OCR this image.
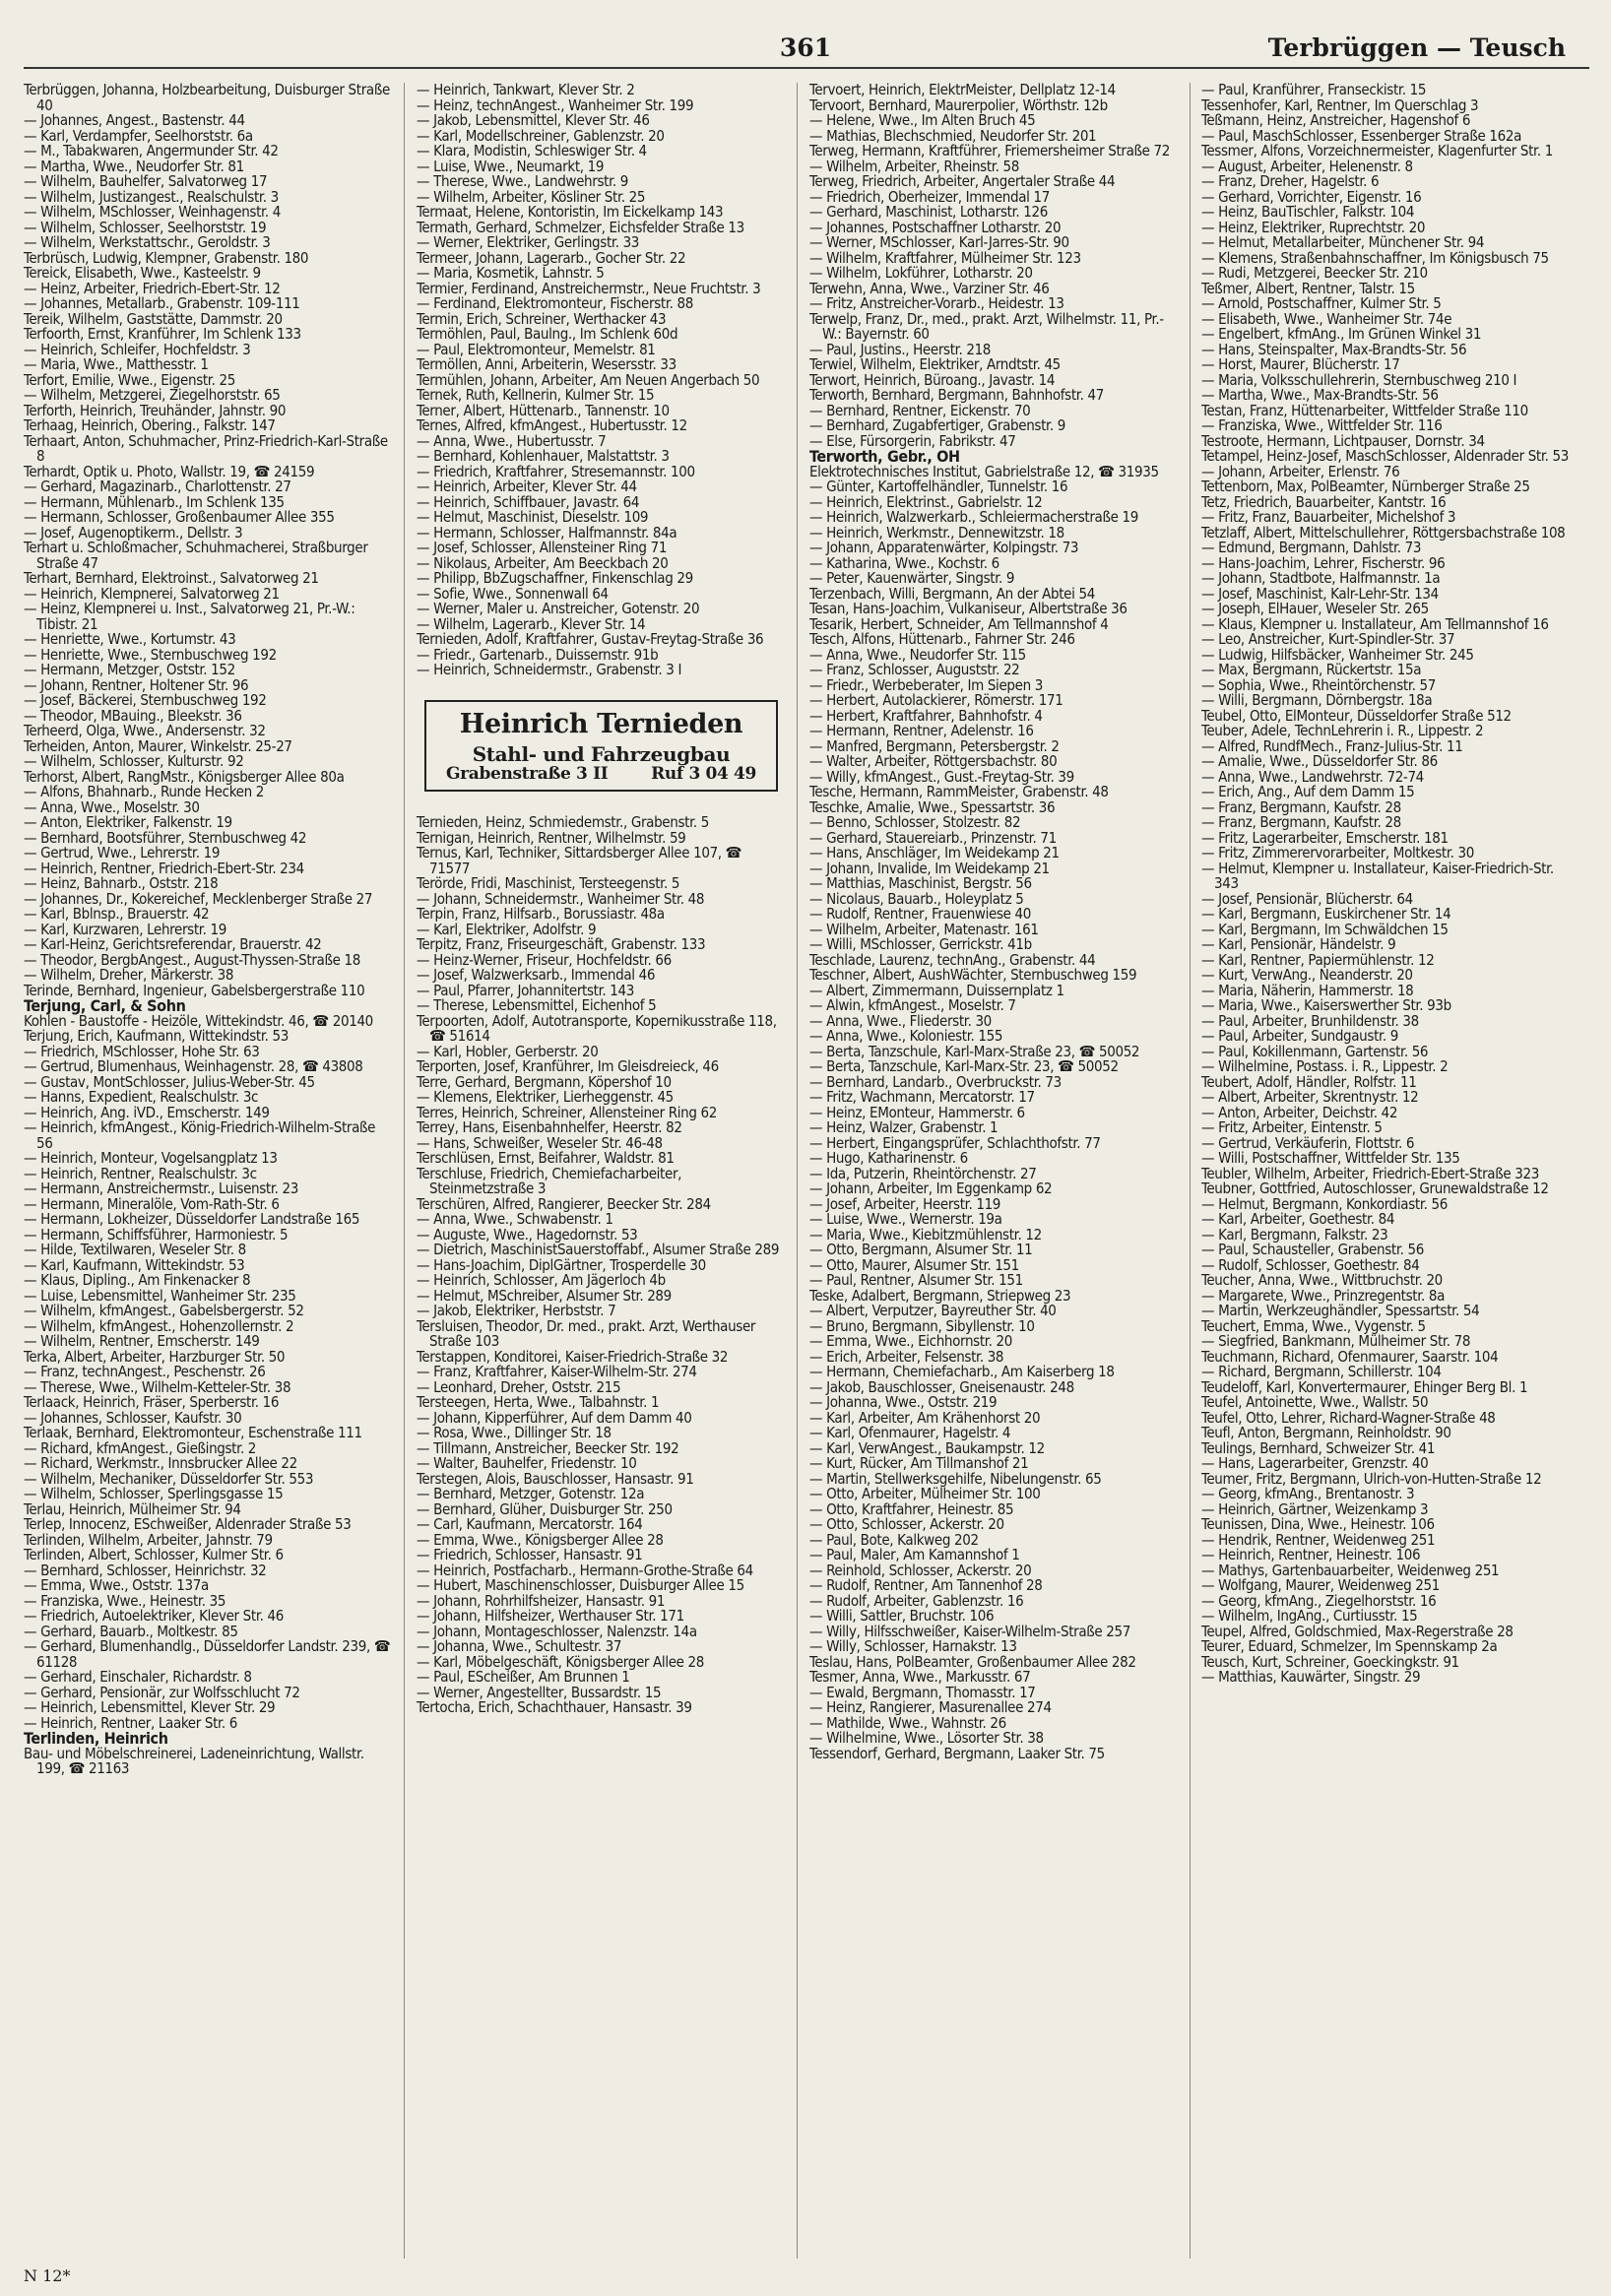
361	Terbrüggen — Teusch
Terbrüggen, Johanna, Holzbearbeitung, Duisburger Straße 40
— Johannes, Angest., Bastenstr. 44
— Karl, Verdampfer, Seelhorststr. 6a
— M., Tabakwaren, Angermunder Str. 42
— Martha, Wwe., Neudorfer Str. 81
— Wilhelm, Bauhelfer, Salvatorweg 17
— Wilhelm, Justizangest., Realschulstr. 3
— Wilhelm, MSchlosser, Weinhagenstr. 4
— Wilhelm, Schlosser, Seelhorststr. 19
— Wilhelm, Werkstattschr., Geroldstr. 3
Terbrüsch, Ludwig, Klempner, Grabenstr. 180
Tereick, Elisabeth, Wwe., Kasteelstr. 9
— Heinz, Arbeiter, Friedrich-Ebert-Str. 12
— Johannes, Metallarb., Grabenstr. 109-111
Tereik, Wilhelm, Gaststätte, Dammstr. 20
Terfoorth, Ernst, Kranführer, Im Schlenk 133
— Heinrich, Schleifer, Hochfeldstr. 3
— Maria, Wwe., Matthesstr. 1
Terfort, Emilie, Wwe., Eigenstr. 25
— Wilhelm, Metzgerei, Ziegelhorststr. 65
Terforth, Heinrich, Treuhänder, Jahnstr. 90
Terhaag, Heinrich, Obering., Falkstr. 147
Terhaart, Anton, Schuhmacher, Prinz-Friedrich-Karl-Straße 8
Terhardt, Optik u. Photo, Wallstr. 19, ☎ 24159
— Gerhard, Magazinarb., Charlottenstr. 27
— Hermann, Mühlenarb., Im Schlenk 135
— Hermann, Schlosser, Großenbaumer Allee 355
— Josef, Augenoptikerm., Dellstr. 3
Terhart u. Schloßmacher, Schuhmacherei, Straßburger Straße 47
Terhart, Bernhard, Elektroinst., Salvatorweg 21
— Heinrich, Klempnerei, Salvatorweg 21
— Heinz, Klempnerei u. Inst., Salvatorweg 21, Pr.-W.: Tibistr. 21
— Henriette, Wwe., Kortumstr. 43
— Henriette, Wwe., Sternbuschweg 192
— Hermann, Metzger, Oststr. 152
— Johann, Rentner, Holtener Str. 96
— Josef, Bäckerei, Sternbuschweg 192
— Theodor, MBauing., Bleekstr. 36
Terheerd, Olga, Wwe., Andersenstr. 32
Terheiden, Anton, Maurer, Winkelstr. 25-27
— Wilhelm, Schlosser, Kulturstr. 92
Terhorst, Albert, RangMstr., Königsberger Allee 80a
— Alfons, Bhahnarb., Runde Hecken 2
— Anna, Wwe., Moselstr. 30
— Anton, Elektriker, Falkenstr. 19
— Bernhard, Bootsführer, Sternbuschweg 42
— Gertrud, Wwe., Lehrerstr. 19
— Heinrich, Rentner, Friedrich-Ebert-Str. 234
— Heinz, Bahnarb., Oststr. 218
— Johannes, Dr., Kokereichef, Mecklenberger Straße 27
— Karl, Bblnsp., Brauerstr. 42
— Karl, Kurzwaren, Lehrerstr. 19
— Karl-Heinz, Gerichtsreferendar, Brauerstr. 42
— Theodor, BergbAngest., August-Thyssen-Straße 18
— Wilhelm, Dreher, Märkerstr. 38
Terinde, Bernhard, Ingenieur, Gabelsbergerstraße 110
Terjung, Carl, & Sohn
Kohlen - Baustoffe - Heizöle, Wittekindstr. 46, ☎ 20140
Terjung, Erich, Kaufmann, Wittekindstr. 53
— Friedrich, MSchlosser, Hohe Str. 63
— Gertrud, Blumenhaus, Weinhagenstr. 28, ☎ 43808
— Gustav, MontSchlosser, Julius-Weber-Str. 45
— Hanns, Expedient, Realschulstr. 3c
— Heinrich, Ang. iVD., Emscherstr. 149
— Heinrich, kfmAngest., König-Friedrich-Wilhelm-Straße 56
— Heinrich, Monteur, Vogelsangplatz 13
— Heinrich, Rentner, Realschulstr. 3c
— Hermann, Anstreichermstr., Luisenstr. 23
— Hermann, Mineralöle, Vom-Rath-Str. 6
— Hermann, Lokheizer, Düsseldorfer Landstraße 165
— Hermann, Schiffsführer, Harmoniestr. 5
— Hilde, Textilwaren, Weseler Str. 8
— Karl, Kaufmann, Wittekindstr. 53
— Klaus, Dipling., Am Finkenacker 8
— Luise, Lebensmittel, Wanheimer Str. 235
— Wilhelm, kfmAngest., Gabelsbergerstr. 52
— Wilhelm, kfmAngest., Hohenzollernstr. 2
— Wilhelm, Rentner, Emscherstr. 149
Terka, Albert, Arbeiter, Harzburger Str. 50
— Franz, technAngest., Peschenstr. 26
— Therese, Wwe., Wilhelm-Ketteler-Str. 38
Terlaack, Heinrich, Fräser, Sperberstr. 16
— Johannes, Schlosser, Kaufstr. 30
Terlaak, Bernhard, Elektromonteur, Eschenstraße 111
— Richard, kfmAngest., Gießingstr. 2
— Richard, Werkmstr., Innsbrucker Allee 22
— Wilhelm, Mechaniker, Düsseldorfer Str. 553
— Wilhelm, Schlosser, Sperlingsgasse 15
Terlau, Heinrich, Mülheimer Str. 94
Terlep, Innocenz, ESchweißer, Aldenrader Straße 53
Terlinden, Wilhelm, Arbeiter, Jahnstr. 79
Terlinden, Albert, Schlosser, Kulmer Str. 6
— Bernhard, Schlosser, Heinrichstr. 32
— Emma, Wwe., Oststr. 137a
— Franziska, Wwe., Heinestr. 35
— Friedrich, Autoelektriker, Klever Str. 46
— Gerhard, Bauarb., Moltkestr. 85
— Gerhard, Blumenhandlg., Düsseldorfer Landstr. 239, ☎ 61128
— Gerhard, Einschaler, Richardstr. 8
— Gerhard, Pensionär, zur Wolfsschlucht 72
— Heinrich, Lebensmittel, Klever Str. 29
— Heinrich, Rentner, Laaker Str. 6
Terlinden, Heinrich
Bau- und Möbelschreinerei, Ladeneinrichtung, Wallstr. 199, ☎ 21163
— Heinrich, Tankwart, Klever Str. 2
— Heinz, technAngest., Wanheimer Str. 199
— Jakob, Lebensmittel, Klever Str. 46
— Karl, Modellschreiner, Gablenzstr. 20
— Klara, Modistin, Schleswiger Str. 4
— Luise, Wwe., Neumarkt, 19
— Therese, Wwe., Landwehrstr. 9
— Wilhelm, Arbeiter, Kösliner Str. 25
Termaat, Helene, Kontoristin, Im Eickelkamp 143
Termath, Gerhard, Schmelzer, Eichsfelder Straße 13
— Werner, Elektriker, Gerlingstr. 33
Termeer, Johann, Lagerarb., Gocher Str. 22
— Maria, Kosmetik, Lahnstr. 5
Termier, Ferdinand, Anstreichermstr., Neue Fruchtstr. 3
— Ferdinand, Elektromonteur, Fischerstr. 88
Termin, Erich, Schreiner, Werthacker 43
Termöhlen, Paul, Baulng., Im Schlenk 60d
— Paul, Elektromonteur, Memelstr. 81
Termöllen, Anni, Arbeiterin, Wesersstr. 33
Termühlen, Johann, Arbeiter, Am Neuen Angerbach 50
Ternek, Ruth, Kellnerin, Kulmer Str. 15
Terner, Albert, Hüttenarb., Tannenstr. 10
Ternes, Alfred, kfmAngest., Hubertusstr. 12
— Anna, Wwe., Hubertusstr. 7
— Bernhard, Kohlenhauer, Malstattstr. 3
— Friedrich, Kraftfahrer, Stresemannstr. 100
— Heinrich, Arbeiter, Klever Str. 44
— Heinrich, Schiffbauer, Javastr. 64
— Helmut, Maschinist, Dieselstr. 109
— Hermann, Schlosser, Halfmannstr. 84a
— Josef, Schlosser, Allensteiner Ring 71
— Nikolaus, Arbeiter, Am Beeckbach 20
— Philipp, BbZugschaffner, Finkenschlag 29
— Sofie, Wwe., Sonnenwall 64
— Werner, Maler u. Anstreicher, Gotenstr. 20
— Wilhelm, Lagerarb., Klever Str. 14
Ternieden, Adolf, Kraftfahrer, Gustav-Freytag-Straße 36
— Friedr., Gartenarb., Duissernstr. 91b
— Heinrich, Schneidermstr., Grabenstr. 3 I
Heinrich Ternieden
Stahl- und Fahrzeugbau
Grabenstraße 3 II	Ruf 3 04 49
Ternieden, Heinz, Schmiedemstr., Grabenstr. 5
Ternigan, Heinrich, Rentner, Wilhelmstr. 59
Ternus, Karl, Techniker, Sittardsberger Allee 107, ☎ 71577
Terörde, Fridi, Maschinist, Tersteegenstr. 5
— Johann, Schneidermstr., Wanheimer Str. 48
Terpin, Franz, Hilfsarb., Borussiastr. 48a
— Karl, Elektriker, Adolfstr. 9
Terpitz, Franz, Friseurgeschäft, Grabenstr. 133
— Heinz-Werner, Friseur, Hochfeldstr. 66
— Josef, Walzwerksarb., Immendal 46
— Paul, Pfarrer, Johannitertstr. 143
— Therese, Lebensmittel, Eichenhof 5
Terpoorten, Adolf, Autotransporte, Kopernikusstraße 118, ☎ 51614
— Karl, Hobler, Gerberstr. 20
Terporten, Josef, Kranführer, Im Gleisdreieck, 46
Terre, Gerhard, Bergmann, Köpershof 10
— Klemens, Elektriker, Lierheggenstr. 45
Terres, Heinrich, Schreiner, Allensteiner Ring 62
Terrey, Hans, Eisenbahnhelfer, Heerstr. 82
— Hans, Schweißer, Weseler Str. 46-48
Terschlüsen, Ernst, Beifahrer, Waldstr. 81
Terschluse, Friedrich, Chemiefacharbeiter, Steinmetzstraße 3
Terschüren, Alfred, Rangierer, Beecker Str. 284
— Anna, Wwe., Schwabenstr. 1
— Auguste, Wwe., Hagedornstr. 53
— Dietrich, MaschinistSauerstoffabf., Alsumer Straße 289
— Hans-Joachim, DiplGärtner, Trosperdelle 30
— Heinrich, Schlosser, Am Jägerloch 4b
— Helmut, MSchreiber, Alsumer Str. 289
— Jakob, Elektriker, Herbststr. 7
Tersluisen, Theodor, Dr. med., prakt. Arzt, Werthauser Straße 103
Terstappen, Konditorei, Kaiser-Friedrich-Straße 32
— Franz, Kraftfahrer, Kaiser-Wilhelm-Str. 274
— Leonhard, Dreher, Oststr. 215
Tersteegen, Herta, Wwe., Talbahnstr. 1
— Johann, Kipperführer, Auf dem Damm 40
— Rosa, Wwe., Dillinger Str. 18
— Tillmann, Anstreicher, Beecker Str. 192
— Walter, Bauhelfer, Friedenstr. 10
Terstegen, Alois, Bauschlosser, Hansastr. 91
— Bernhard, Metzger, Gotenstr. 12a
— Bernhard, Glüher, Duisburger Str. 250
— Carl, Kaufmann, Mercatorstr. 164
— Emma, Wwe., Königsberger Allee 28
— Friedrich, Schlosser, Hansastr. 91
— Heinrich, Postfacharb., Hermann-Grothe-Straße 64
— Hubert, Maschinenschlosser, Duisburger Allee 15
— Johann, Rohrhilfsheizer, Hansastr. 91
— Johann, Hilfsheizer, Werthauser Str. 171
— Johann, Montageschlosser, Nalenzstr. 14a
— Johanna, Wwe., Schultestr. 37
— Karl, Möbelgeschäft, Königsberger Allee 28
— Paul, EScheißer, Am Brunnen 1
— Werner, Angestellter, Bussardstr. 15
Tertocha, Erich, Schachthauer, Hansastr. 39
Tervoert, Heinrich, ElektrMeister, Dellplatz 12-14
Tervoort, Bernhard, Maurerpolier, Wörthstr. 12b
— Helene, Wwe., Im Alten Bruch 45
— Mathias, Blechschmied, Neudorfer Str. 201
Terweg, Hermann, Kraftführer, Friemersheimer Straße 72
— Wilhelm, Arbeiter, Rheinstr. 58
Terweg, Friedrich, Arbeiter, Angertaler Straße 44
— Friedrich, Oberheizer, Immendal 17
— Gerhard, Maschinist, Lotharstr. 126
— Johannes, Postschaffner Lotharstr. 20
— Werner, MSchlosser, Karl-Jarres-Str. 90
— Wilhelm, Kraftfahrer, Mülheimer Str. 123
— Wilhelm, Lokführer, Lotharstr. 20
Terwehn, Anna, Wwe., Varziner Str. 46
— Fritz, Anstreicher-Vorarb., Heidestr. 13
Terwelp, Franz, Dr., med., prakt. Arzt, Wilhelmstr. 11, Pr.-W.: Bayernstr. 60
— Paul, Justins., Heerstr. 218
Terwiel, Wilhelm, Elektriker, Arndtstr. 45
Terwort, Heinrich, Büroang., Javastr. 14
Terworth, Bernhard, Bergmann, Bahnhofstr. 47
— Bernhard, Rentner, Eickenstr. 70
— Bernhard, Zugabfertiger, Grabenstr. 9
— Else, Fürsorgerin, Fabrikstr. 47
Terworth, Gebr., OH
Elektrotechnisches Institut, Gabrielstraße 12, ☎ 31935
— Günter, Kartoffelhändler, Tunnelstr. 16
— Heinrich, Elektrinst., Gabrielstr. 12
— Heinrich, Walzwerkarb., Schleiermacherstraße 19
— Heinrich, Werkmstr., Dennewitzstr. 18
— Johann, Apparatenwärter, Kolpingstr. 73
— Katharina, Wwe., Kochstr. 6
— Peter, Kauenwärter, Singstr. 9
Terzenbach, Willi, Bergmann, An der Abtei 54
Tesan, Hans-Joachim, Vulkaniseur, Albertstraße 36
Tesarik, Herbert, Schneider, Am Tellmannshof 4
Tesch, Alfons, Hüttenarb., Fahrner Str. 246
— Anna, Wwe., Neudorfer Str. 115
— Franz, Schlosser, Auguststr. 22
— Friedr., Werbeberater, Im Siepen 3
— Herbert, Autolackierer, Römerstr. 171
— Herbert, Kraftfahrer, Bahnhofstr. 4
— Hermann, Rentner, Adelenstr. 16
— Manfred, Bergmann, Petersbergstr. 2
— Walter, Arbeiter, Röttgersbachstr. 80
— Willy, kfmAngest., Gust.-Freytag-Str. 39
Tesche, Hermann, RammMeister, Grabenstr. 48
Teschke, Amalie, Wwe., Spessartstr. 36
— Benno, Schlosser, Stolzestr. 82
— Gerhard, Stauereiarb., Prinzenstr. 71
— Hans, Anschläger, Im Weidekamp 21
— Johann, Invalide, Im Weidekamp 21
— Matthias, Maschinist, Bergstr. 56
— Nicolaus, Bauarb., Holeyplatz 5
— Rudolf, Rentner, Frauenwiese 40
— Wilhelm, Arbeiter, Matenastr. 161
— Willi, MSchlosser, Gerrickstr. 41b
Teschlade, Laurenz, technAng., Grabenstr. 44
Teschner, Albert, AushWächter, Sternbuschweg 159
— Albert, Zimmermann, Duissernplatz 1
— Alwin, kfmAngest., Moselstr. 7
— Anna, Wwe., Fliederstr. 30
— Anna, Wwe., Koloniestr. 155
— Berta, Tanzschule, Karl-Marx-Straße 23, ☎ 50052
— Berta, Tanzschule, Karl-Marx-Str. 23, ☎ 50052
— Bernhard, Landarb., Overbruckstr. 73
— Fritz, Wachmann, Mercatorstr. 17
— Heinz, EMonteur, Hammerstr. 6
— Heinz, Walzer, Grabenstr. 1
— Herbert, Eingangsprüfer, Schlachthofstr. 77
— Hugo, Katharinenstr. 6
— Ida, Putzerin, Rheintörchenstr. 27
— Johann, Arbeiter, Im Eggenkamp 62
— Josef, Arbeiter, Heerstr. 119
— Luise, Wwe., Wernerstr. 19a
— Maria, Wwe., Kiebitzmühlenstr. 12
— Otto, Bergmann, Alsumer Str. 11
— Otto, Maurer, Alsumer Str. 151
— Paul, Rentner, Alsumer Str. 151
Teske, Adalbert, Bergmann, Striepweg 23
— Albert, Verputzer, Bayreuther Str. 40
— Bruno, Bergmann, Sibyllenstr. 10
— Emma, Wwe., Eichhornstr. 20
— Erich, Arbeiter, Felsenstr. 38
— Hermann, Chemiefacharb., Am Kaiserberg 18
— Jakob, Bauschlosser, Gneisenaustr. 248
— Johanna, Wwe., Oststr. 219
— Karl, Arbeiter, Am Krähenhorst 20
— Karl, Ofenmaurer, Hagelstr. 4
— Karl, VerwAngest., Baukampstr. 12
— Kurt, Rücker, Am Tillmanshof 21
— Martin, Stellwerksgehilfe, Nibelungenstr. 65
— Otto, Arbeiter, Mülheimer Str. 100
— Otto, Kraftfahrer, Heinestr. 85
— Otto, Schlosser, Ackerstr. 20
— Paul, Bote, Kalkweg 202
— Paul, Maler, Am Kamannshof 1
— Reinhold, Schlosser, Ackerstr. 20
— Rudolf, Rentner, Am Tannenhof 28
— Rudolf, Arbeiter, Gablenzstr. 16
— Willi, Sattler, Bruchstr. 106
— Willy, Hilfsschweißer, Kaiser-Wilhelm-Straße 257
— Willy, Schlosser, Harnakstr. 13
Teslau, Hans, PolBeamter, Großenbaumer Allee 282
Tesmer, Anna, Wwe., Markusstr. 67
— Ewald, Bergmann, Thomasstr. 17
— Heinz, Rangierer, Masurenallee 274
— Mathilde, Wwe., Wahnstr. 26
— Wilhelmine, Wwe., Lösorter Str. 38
Tessendorf, Gerhard, Bergmann, Laaker Str. 75
— Paul, Kranführer, Franseckistr. 15
Tessenhofer, Karl, Rentner, Im Querschlag 3
Teßmann, Heinz, Anstreicher, Hagenshof 6
— Paul, MaschSchlosser, Essenberger Straße 162a
Tessmer, Alfons, Vorzeichnermeister, Klagenfurter Str. 1
— August, Arbeiter, Helenenstr. 8
— Franz, Dreher, Hagelstr. 6
— Gerhard, Vorrichter, Eigenstr. 16
— Heinz, BauTischler, Falkstr. 104
— Heinz, Elektriker, Ruprechtstr. 20
— Helmut, Metallarbeiter, Münchener Str. 94
— Klemens, Straßenbahnschaffner, Im Königsbusch 75
— Rudi, Metzgerei, Beecker Str. 210
Teßmer, Albert, Rentner, Talstr. 15
— Arnold, Postschaffner, Kulmer Str. 5
— Elisabeth, Wwe., Wanheimer Str. 74e
— Engelbert, kfmAng., Im Grünen Winkel 31
— Hans, Steinspalter, Max-Brandts-Str. 56
— Horst, Maurer, Blücherstr. 17
— Maria, Volksschullehrerin, Sternbuschweg 210 I
— Martha, Wwe., Max-Brandts-Str. 56
Testan, Franz, Hüttenarbeiter, Wittfelder Straße 110
— Franziska, Wwe., Wittfelder Str. 116
Testroote, Hermann, Lichtpauser, Dornstr. 34
Tetampel, Heinz-Josef, MaschSchlosser, Aldenrader Str. 53
— Johann, Arbeiter, Erlenstr. 76
Tettenborn, Max, PolBeamter, Nürnberger Straße 25
Tetz, Friedrich, Bauarbeiter, Kantstr. 16
— Fritz, Franz, Bauarbeiter, Michelshof 3
Tetzlaff, Albert, Mittelschullehrer, Röttgersbachstraße 108
— Edmund, Bergmann, Dahlstr. 73
— Hans-Joachim, Lehrer, Fischerstr. 96
— Johann, Stadtbote, Halfmannstr. 1a
— Josef, Maschinist, Kalr-Lehr-Str. 134
— Joseph, ElHauer, Weseler Str. 265
— Klaus, Klempner u. Installateur, Am Tellmannshof 16
— Leo, Anstreicher, Kurt-Spindler-Str. 37
— Ludwig, Hilfsbäcker, Wanheimer Str. 245
— Max, Bergmann, Rückertstr. 15a
— Sophia, Wwe., Rheintörchenstr. 57
— Willi, Bergmann, Dörnbergstr. 18a
Teubel, Otto, ElMonteur, Düsseldorfer Straße 512
Teuber, Adele, TechnLehrerin i. R., Lippestr. 2
— Alfred, RundfMech., Franz-Julius-Str. 11
— Amalie, Wwe., Düsseldorfer Str. 86
— Anna, Wwe., Landwehrstr. 72-74
— Erich, Ang., Auf dem Damm 15
— Franz, Bergmann, Kaufstr. 28
— Franz, Bergmann, Kaufstr. 28
— Fritz, Lagerarbeiter, Emscherstr. 181
— Fritz, Zimmerervorarbeiter, Moltkestr. 30
— Helmut, Klempner u. Installateur, Kaiser-Friedrich-Str. 343
— Josef, Pensionär, Blücherstr. 64
— Karl, Bergmann, Euskirchener Str. 14
— Karl, Bergmann, Im Schwäldchen 15
— Karl, Pensionär, Händelstr. 9
— Karl, Rentner, Papiermühlenstr. 12
— Kurt, VerwAng., Neanderstr. 20
— Maria, Näherin, Hammerstr. 18
— Maria, Wwe., Kaiserswerther Str. 93b
— Paul, Arbeiter, Brunhildenstr. 38
— Paul, Arbeiter, Sundgaustr. 9
— Paul, Kokillenmann, Gartenstr. 56
— Wilhelmine, Postass. i. R., Lippestr. 2
Teubert, Adolf, Händler, Rolfstr. 11
— Albert, Arbeiter, Skrentnystr. 12
— Anton, Arbeiter, Deichstr. 42
— Fritz, Arbeiter, Eintenstr. 5
— Gertrud, Verkäuferin, Flottstr. 6
— Willi, Postschaffner, Wittfelder Str. 135
Teubler, Wilhelm, Arbeiter, Friedrich-Ebert-Straße 323
Teubner, Gottfried, Autoschlosser, Grunewaldstraße 12
— Helmut, Bergmann, Konkordiastr. 56
— Karl, Arbeiter, Goethestr. 84
— Karl, Bergmann, Falkstr. 23
— Paul, Schausteller, Grabenstr. 56
— Rudolf, Schlosser, Goethestr. 84
Teucher, Anna, Wwe., Wittbruchstr. 20
— Margarete, Wwe., Prinzregentstr. 8a
— Martin, Werkzeughändler, Spessartstr. 54
Teuchert, Emma, Wwe., Vygenstr. 5
— Siegfried, Bankmann, Mülheimer Str. 78
Teuchmann, Richard, Ofenmaurer, Saarstr. 104
— Richard, Bergmann, Schillerstr. 104
Teudeloff, Karl, Konvertermaurer, Ehinger Berg Bl. 1
Teufel, Antoinette, Wwe., Wallstr. 50
Teufel, Otto, Lehrer, Richard-Wagner-Straße 48
Teufl, Anton, Bergmann, Reinholdstr. 90
Teulings, Bernhard, Schweizer Str. 41
— Hans, Lagerarbeiter, Grenzstr. 40
Teumer, Fritz, Bergmann, Ulrich-von-Hutten-Straße 12
— Georg, kfmAng., Brentanostr. 3
— Heinrich, Gärtner, Weizenkamp 3
Teunissen, Dina, Wwe., Heinestr. 106
— Hendrik, Rentner, Weidenweg 251
— Heinrich, Rentner, Heinestr. 106
— Mathys, Gartenbauarbeiter, Weidenweg 251
— Wolfgang, Maurer, Weidenweg 251
— Georg, kfmAng., Ziegelhorststr. 16
— Wilhelm, IngAng., Curtiusstr. 15
Teupel, Alfred, Goldschmied, Max-Regerstraße 28
Teurer, Eduard, Schmelzer, Im Spennskamp 2a
Teusch, Kurt, Schreiner, Goeckingkstr. 91
— Matthias, Kauwärter, Singstr. 29
N 12*
